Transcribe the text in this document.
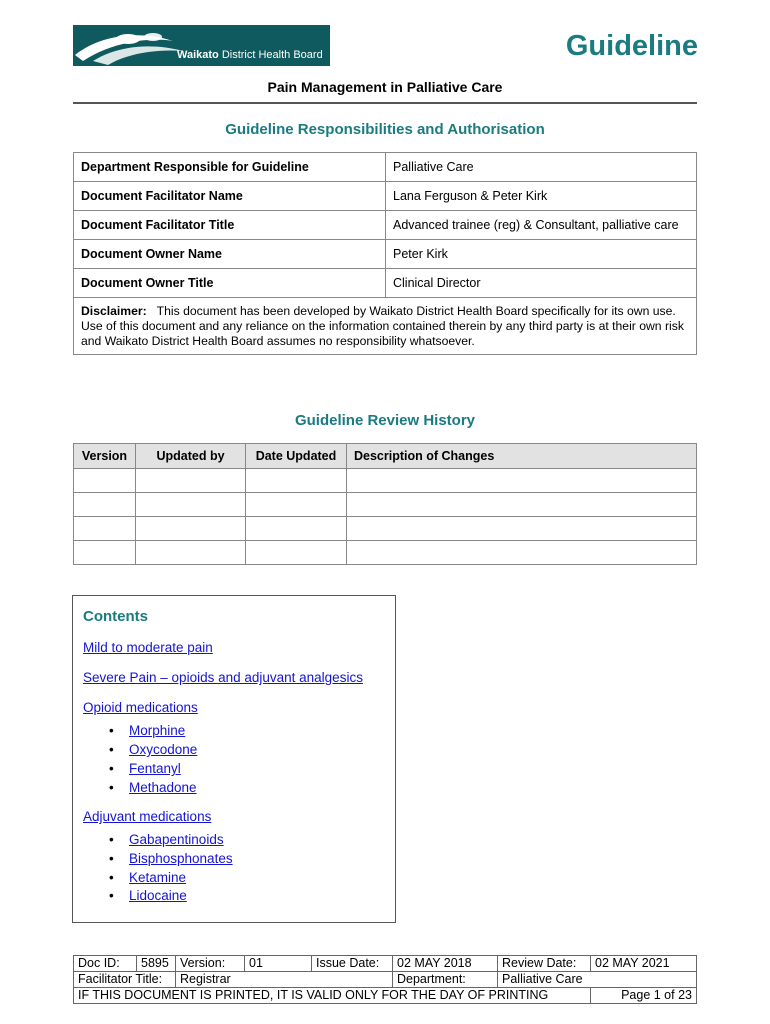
Waikato District Health Board	Guideline
Pain Management in Palliative Care
Guideline Responsibilities and Authorisation
Department Responsible for Guideline	Palliative Care
Document Facilitator Name	Lana Ferguson & Peter Kirk
Document Facilitator Title	Advanced trainee (reg) & Consultant, palliative care
Document Owner Name	Peter Kirk
Document Owner Title	Clinical Director
Disclaimer: This document has been developed by Waikato District Health Board specifically for its own use. Use of this document and any reliance on the information contained therein by any third party is at their own risk and Waikato District Health Board assumes no responsibility whatsoever.	
Guideline Review History
Version	Updated by	Date Updated	Description of Changes

Contents
Mild to moderate pain
Severe Pain – opioids and adjuvant analgesics
Opioid medications
• Morphine
• Oxycodone
• Fentanyl
• Methadone
Adjuvant medications
• Gabapentinoids
• Bisphosphonates
• Ketamine
• Lidocaine
Doc ID:	5895	Version:	01	Issue Date:	02 MAY 2018	Review Date:	02 MAY 2021
Facilitator Title:		Registrar			Department:	Palliative Care	
IF THIS DOCUMENT IS PRINTED, IT IS VALID ONLY FOR THE DAY OF PRINTING							Page 1 of 23
